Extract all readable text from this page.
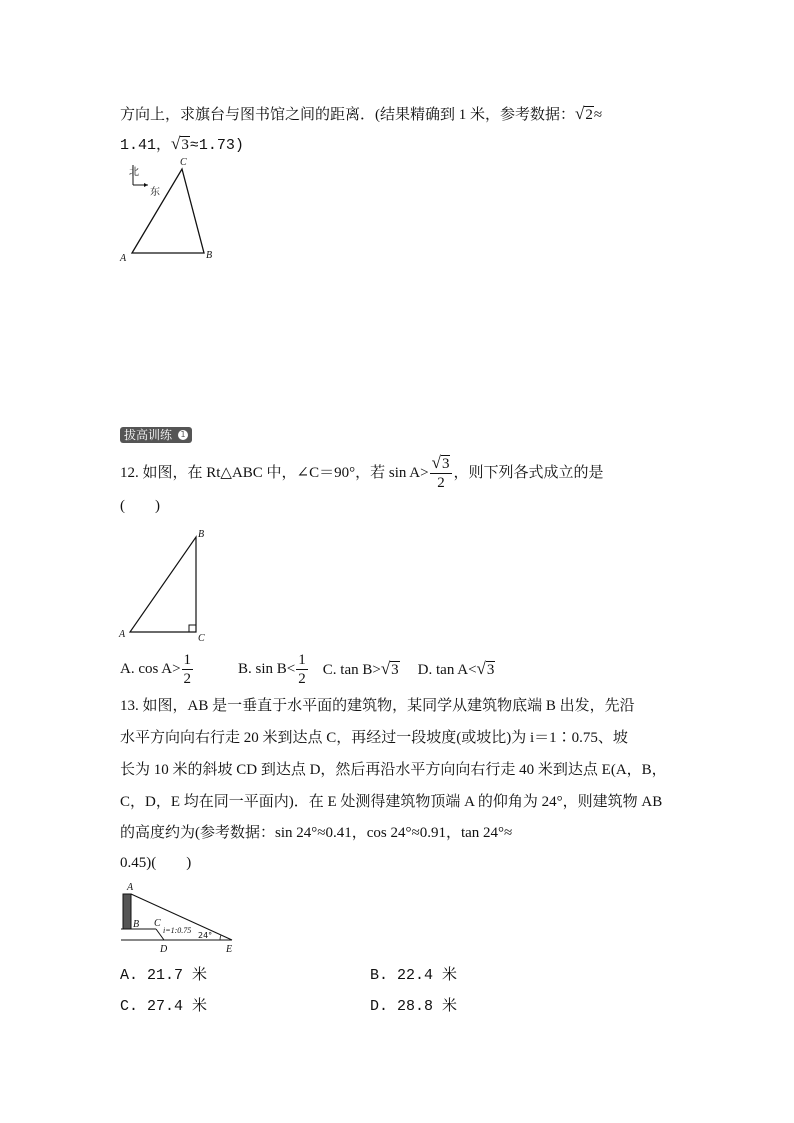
方向上，求旗台与图书馆之间的距离．(结果精确到 1 米，参考数据：√2≈
1.41，√3≈1.73)
北
东
A	B
C
拔高训练	1
12. 如图，在 Rt△ABC 中，∠C＝90°，若 $\sin A> \frac{√3}{2}$ ，则下列各式成立的是
(　　)
A
B
C
A. $\cos A> \frac{1}{2}$	B. $\sin B< \frac{1}{2} C$. tan B>√3 D. tan A<√3
13. 如图，AB 是一垂直于水平面的建筑物，某同学从建筑物底端 B 出发，先沿
水平方向向右行走 20 米到达点 C，再经过一段坡度(或坡比)为 i＝1∶0.75、坡
长为 10 米的斜坡 CD 到达点 D，然后再沿水平方向向右行走 40 米到达点 E(A，B，
C，D，E 均在同一平面内)．在 E 处测得建筑物顶端 A 的仰角为 24°，则建筑物 AB
的高度约为(参考数据：sin 24°≈0.41，cos 24°≈0.91，tan 24°≈
0.45)(　　)
A
B C
D	E
i=1:0.75
24°
A. 21.7 米	B. 22.4 米
C. 27.4 米	D. 28.8 米
